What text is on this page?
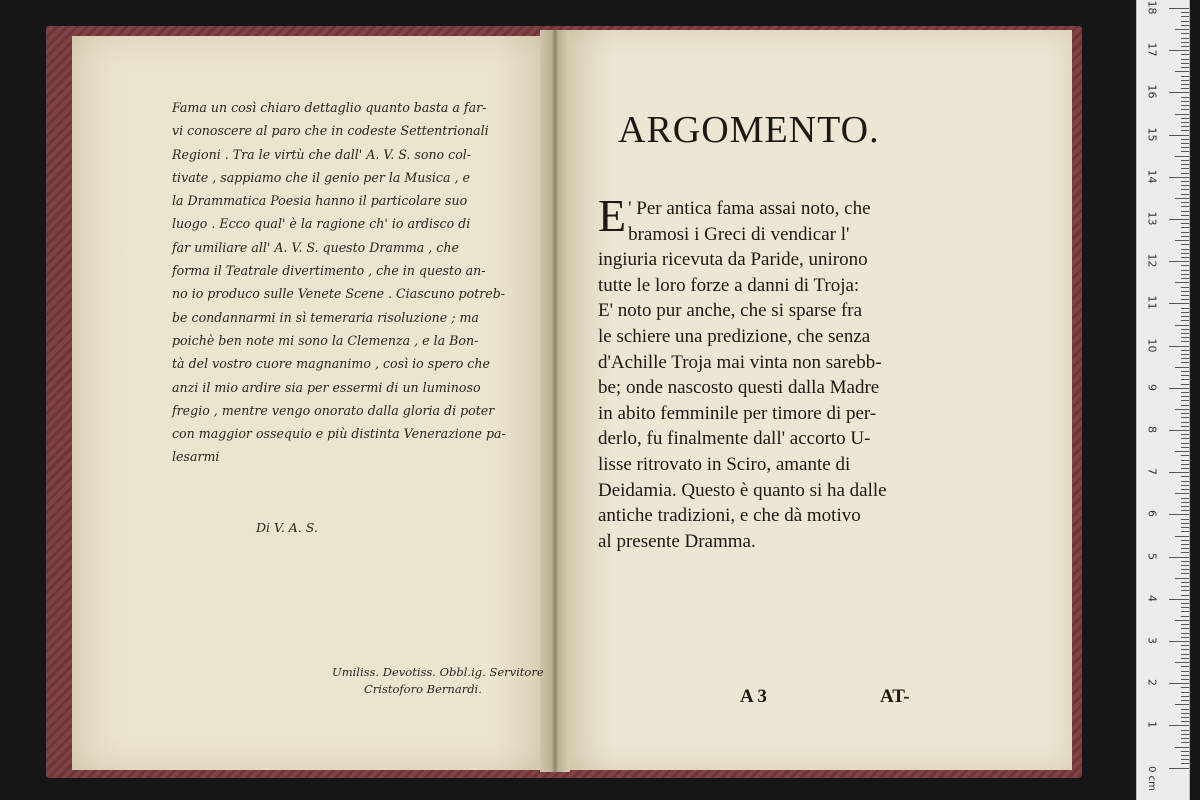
Fama un così chiaro dettaglio quanto basta a far-
vi conoscere al paro che in codeste Settentrionali
Regioni . Tra le virtù che dall' A. V. S. sono col-
tivate , sappiamo che il genio per la Musica , e
la Drammatica Poesia hanno il particolare suo
luogo . Ecco qual' è la ragione ch' io ardisco di
far umiliare all' A. V. S. questo Dramma , che
forma il Teatrale divertimento , che in questo an-
no io produco sulle Venete Scene . Ciascuno potreb-
be condannarmi in sì temeraria risoluzione ; ma
poichè ben note mi sono la Clemenza , e la Bon-
tà del vostro cuore magnanimo , così io spero che
anzi il mio ardire sia per essermi di un luminoso
fregio , mentre vengo onorato dalla gloria di poter
con maggior ossequio e più distinta Venerazione pa-
lesarmi
Di V. A. S.
Umiliss. Devotiss. Obbl.ig. Servitore
Cristoforo Bernardi.
ARGOMENTO.
E ' Per antica fama assai noto, che
bramosi i Greci di vendicar l'
ingiuria ricevuta da Paride, unirono
tutte le loro forze a danni di Troja:
E' noto pur anche, che si sparse fra
le schiere una predizione, che senza
d'Achille Troja mai vinta non sarebb-
be; onde nascosto questi dalla Madre
in abito femminile per timore di per-
derlo, fu finalmente dall' accorto U-
lisse ritrovato in Sciro, amante di
Deidamia. Questo è quanto si ha dalle
antiche tradizioni, e che dà motivo
al presente Dramma.
A 3	AT-
0 cm
18
17
16
15
14
13
12
11
10
9
8
7
6
5
4
3
2
1
